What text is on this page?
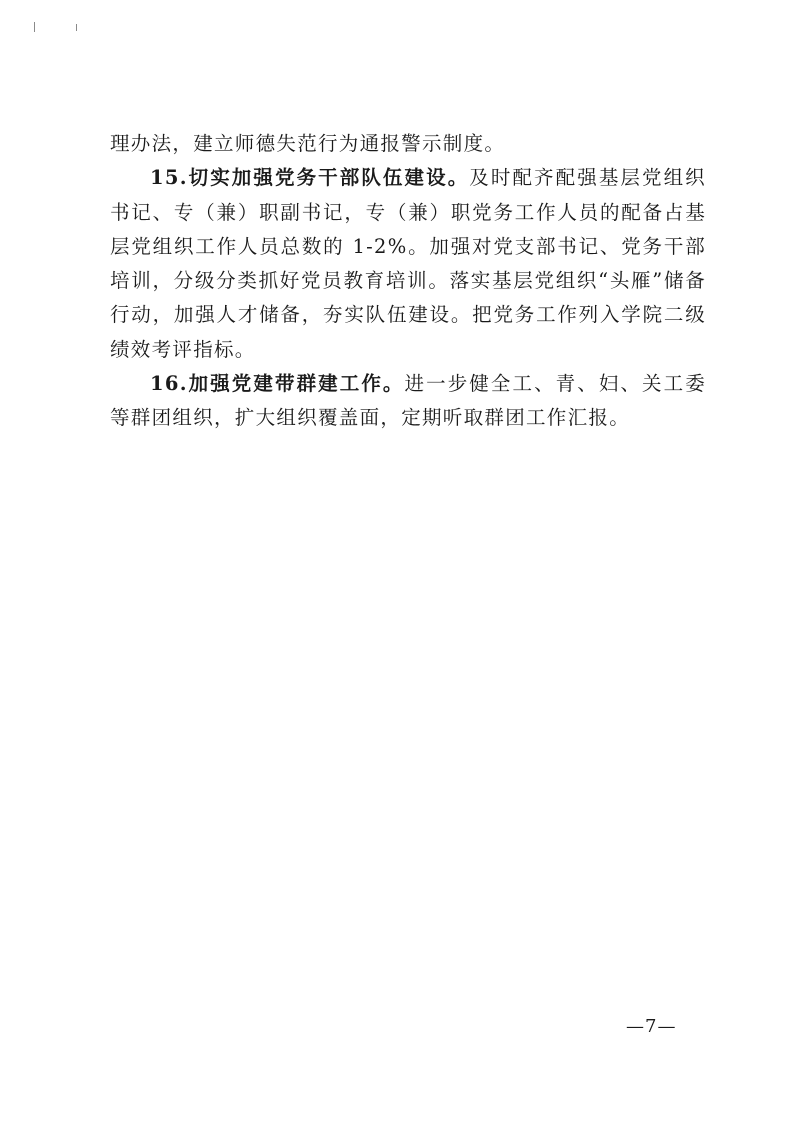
理办法，建立师德失范行为通报警示制度。

15.切实加强党务干部队伍建设。及时配齐配强基层党组织书记、专（兼）职副书记，专（兼）职党务工作人员的配备占基层党组织工作人员总数的 1-2%。加强对党支部书记、党务干部培训，分级分类抓好党员教育培训。落实基层党组织“头雁”储备行动，加强人才储备，夯实队伍建设。把党务工作列入学院二级绩效考评指标。

16.加强党建带群建工作。进一步健全工、青、妇、关工委等群团组织，扩大组织覆盖面，定期听取群团工作汇报。

—7—
